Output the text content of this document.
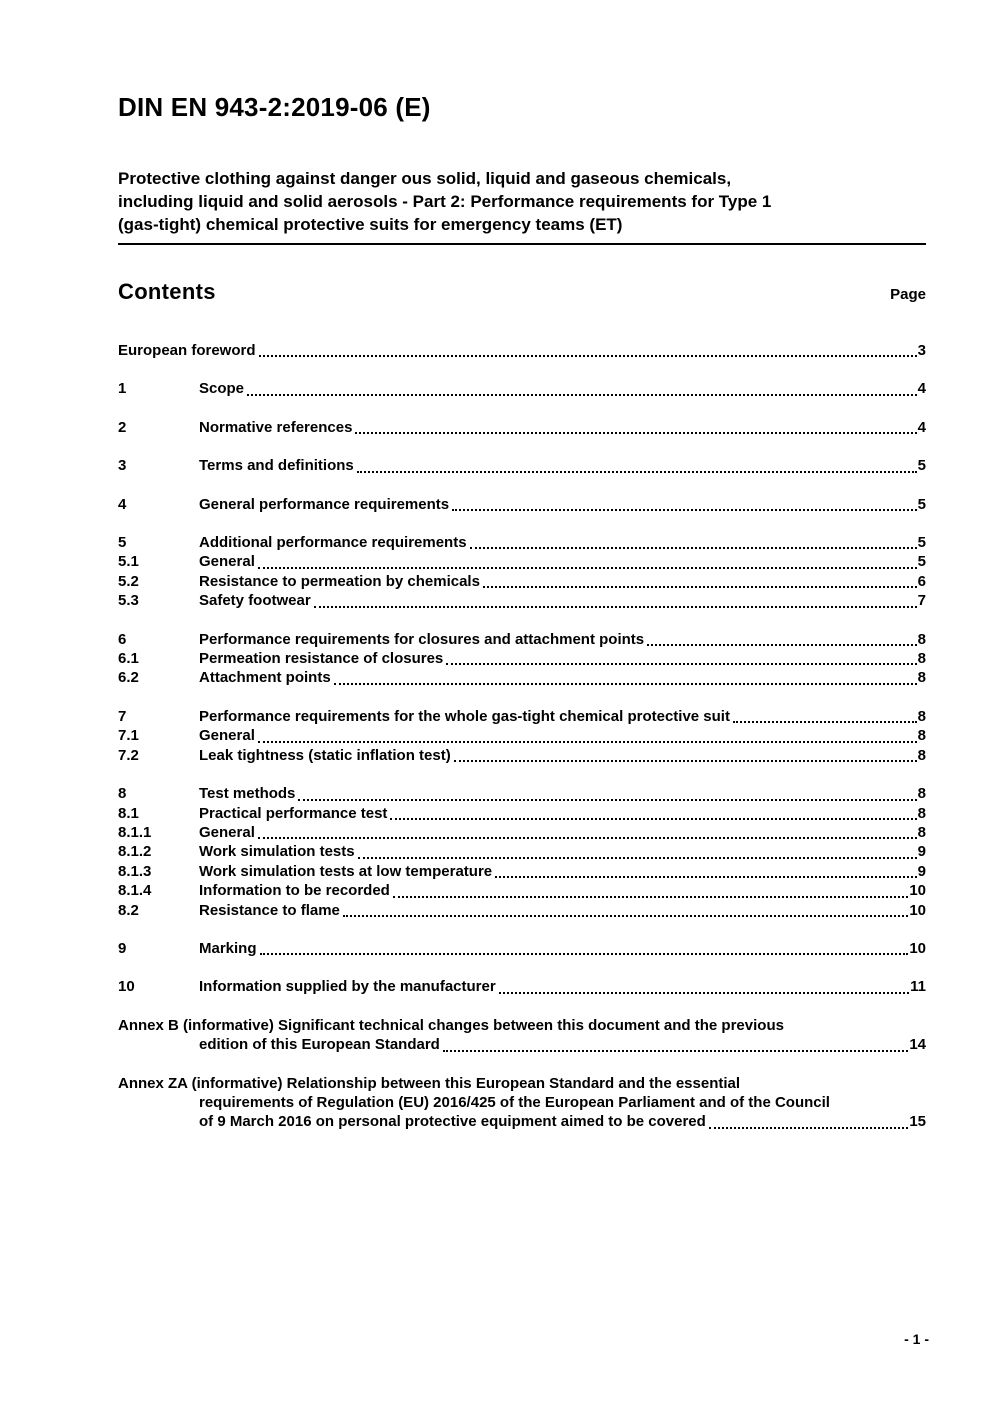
DIN EN 943-2:2019-06 (E)
Protective clothing against danger ous solid, liquid and gaseous chemicals,
including liquid and solid aerosols - Part 2: Performance requirements for Type 1
(gas-tight) chemical protective suits for emergency teams (ET)
Contents	Page
European foreword	3
1	Scope	4
2	Normative references	4
3	Terms and definitions	5
4	General performance requirements	5
5	Additional performance requirements	5
5.1	General	5
5.2	Resistance to permeation by chemicals	6
5.3	Safety footwear	7
6	Performance requirements for closures and attachment points	8
6.1	Permeation resistance of closures	8
6.2	Attachment points	8
7	Performance requirements for the whole gas-tight chemical protective suit	8
7.1	General	8
7.2	Leak tightness (static inflation test)	8
8	Test methods	8
8.1	Practical performance test	8
8.1.1	General	8
8.1.2	Work simulation tests	9
8.1.3	Work simulation tests at low temperature	9
8.1.4	Information to be recorded	10
8.2	Resistance to flame	10
9	Marking	10
10	Information supplied by the manufacturer	11
Annex B (informative) Significant technical changes between this document and the previous
edition of this European Standard	14
Annex ZA (informative) Relationship between this European Standard and the essential
requirements of Regulation (EU) 2016/425 of the European Parliament and of the Council
of 9 March 2016 on personal protective equipment aimed to be covered	15
- 1 -
